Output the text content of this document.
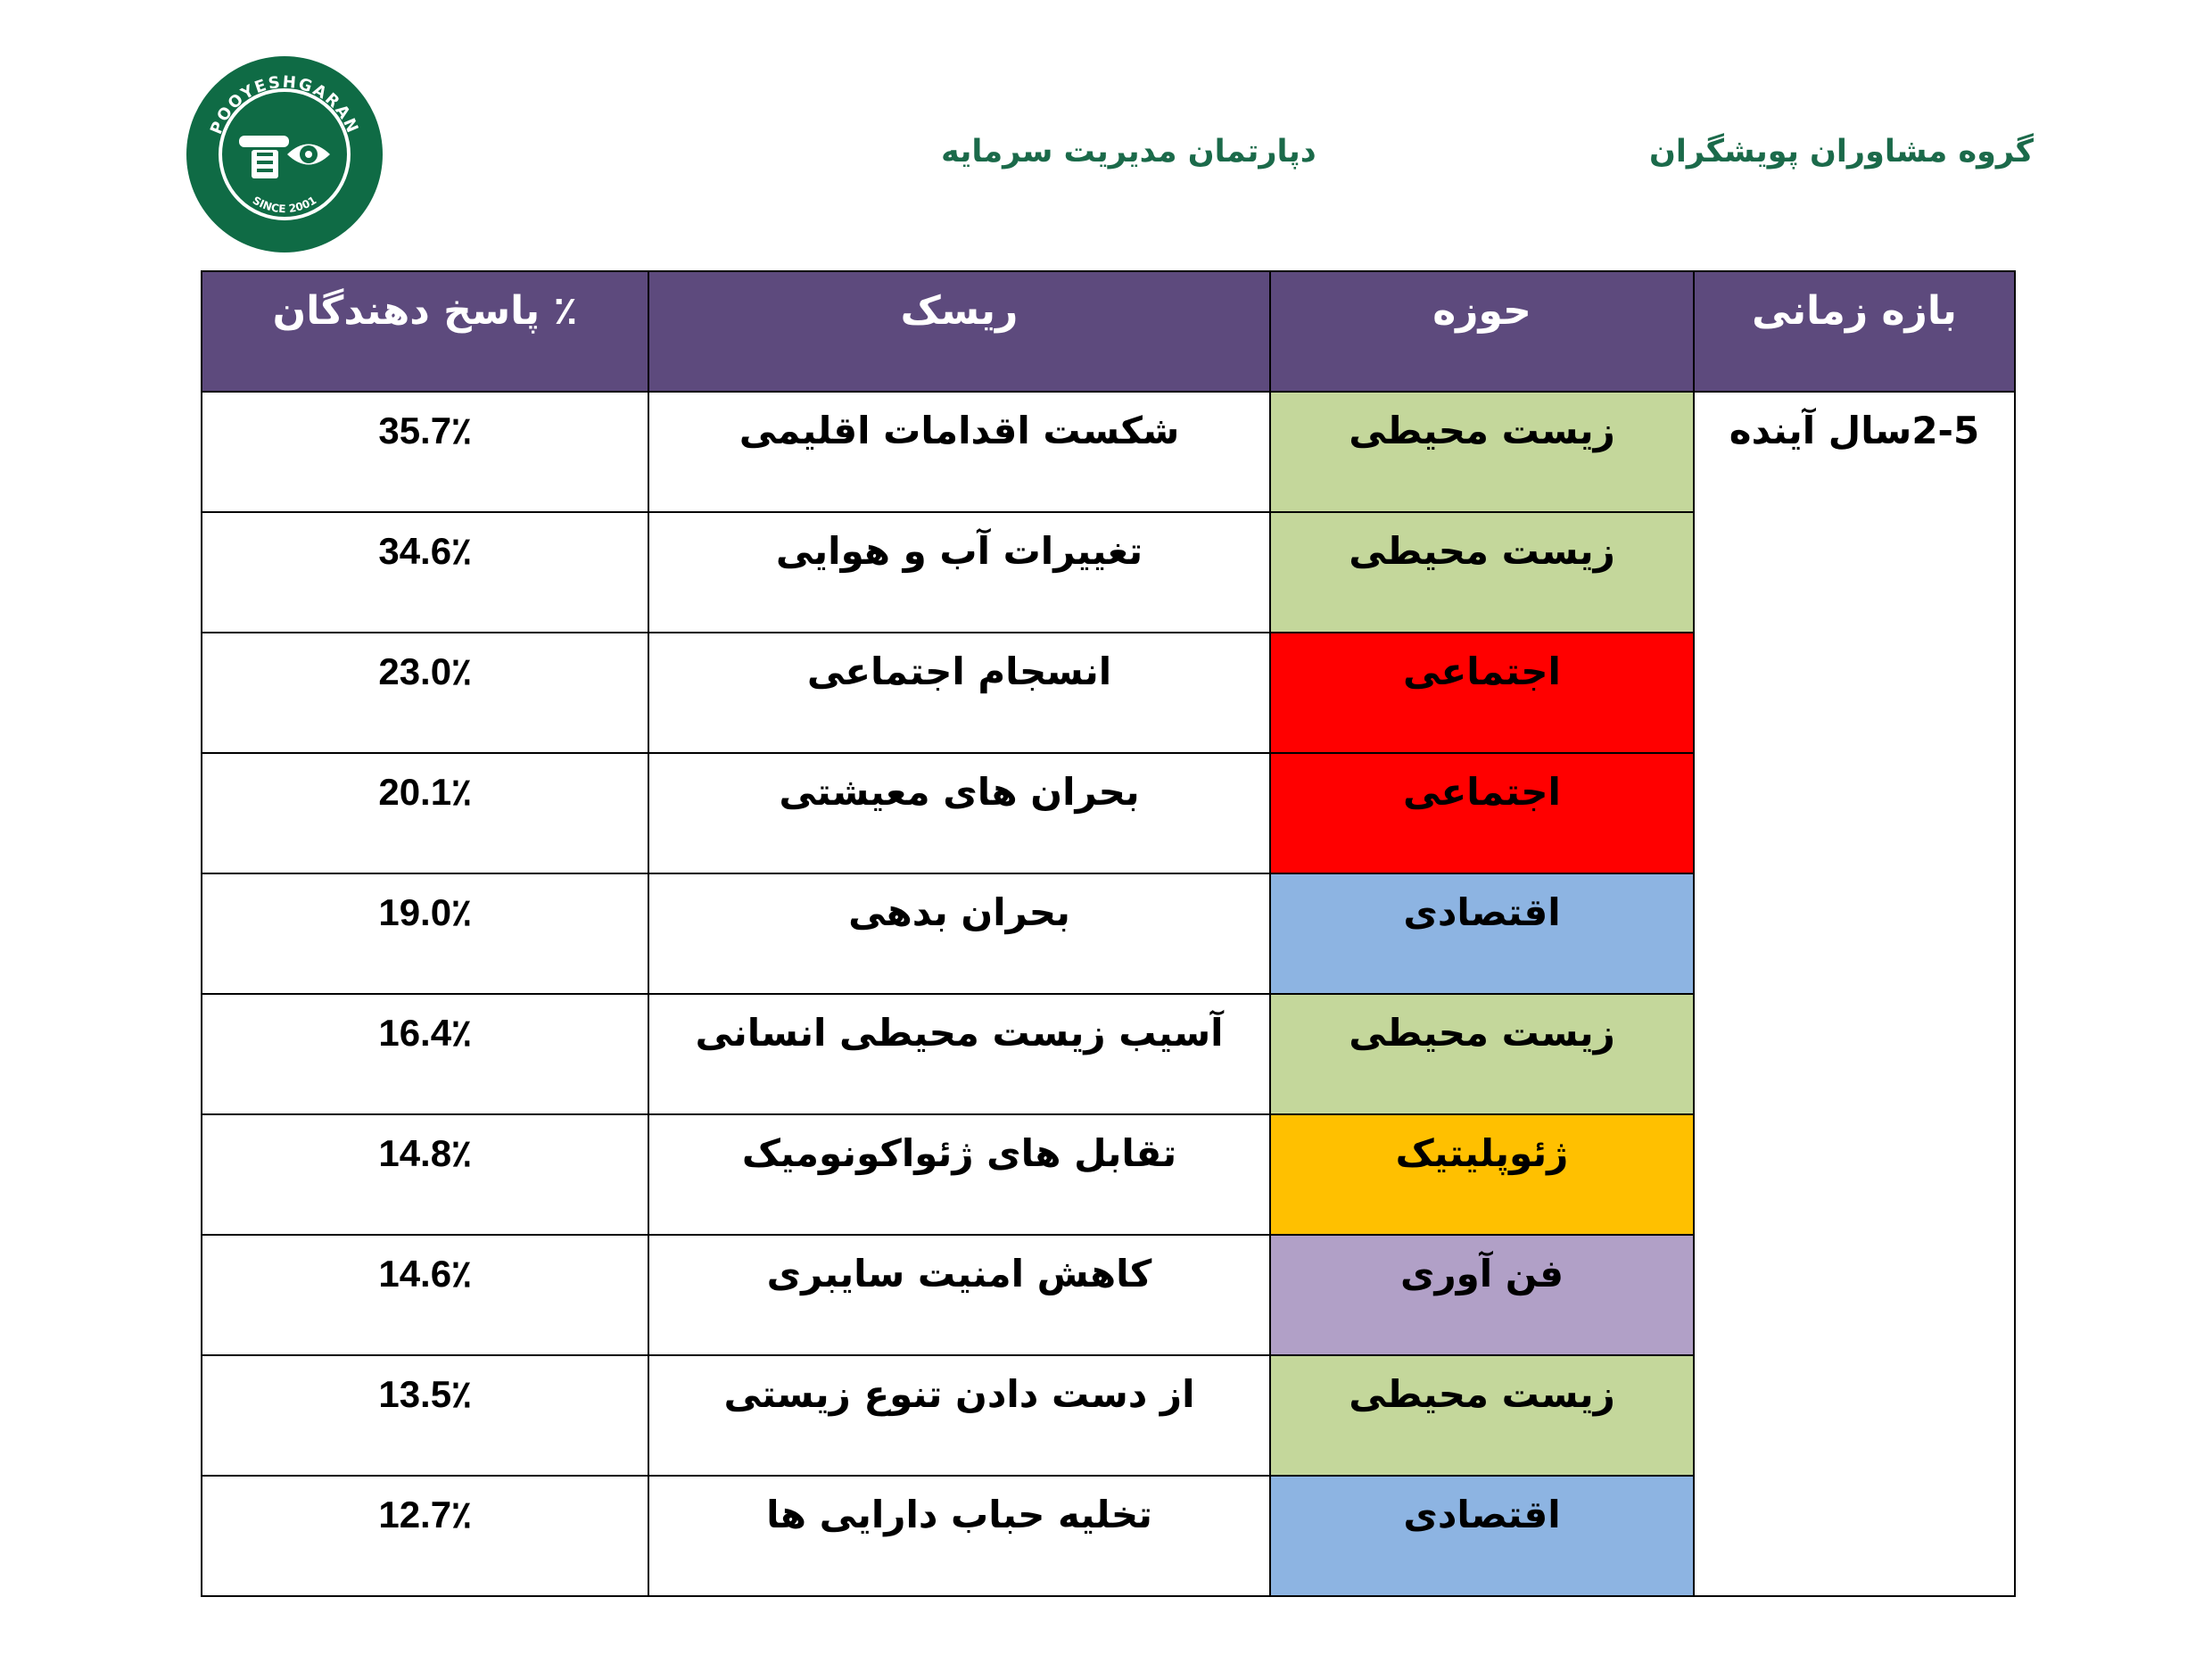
POOYESHGARAN
SINCE 2001
گروه مشاوران پویشگران
دپارتمان مدیریت سرمایه
بازه زمانی	حوزه	ریسک	٪ پاسخ دهندگان
2-5سال آینده	زیست محیطی	شکست اقدامات اقلیمی	35.7٪
	زیست محیطی	تغییرات آب و هوایی	34.6٪
	اجتماعی	انسجام اجتماعی	23.0٪
	اجتماعی	بحران های معیشتی	20.1٪
	اقتصادی	بحران بدهی	19.0٪
	زیست محیطی	آسیب زیست محیطی انسانی	16.4٪
	ژئوپلیتیک	تقابل های ژئواکونومیک	14.8٪
	فن آوری	کاهش امنیت سایبری	14.6٪
	زیست محیطی	از دست دادن تنوع زیستی	13.5٪
	اقتصادی	تخلیه حباب دارایی ها	12.7٪
